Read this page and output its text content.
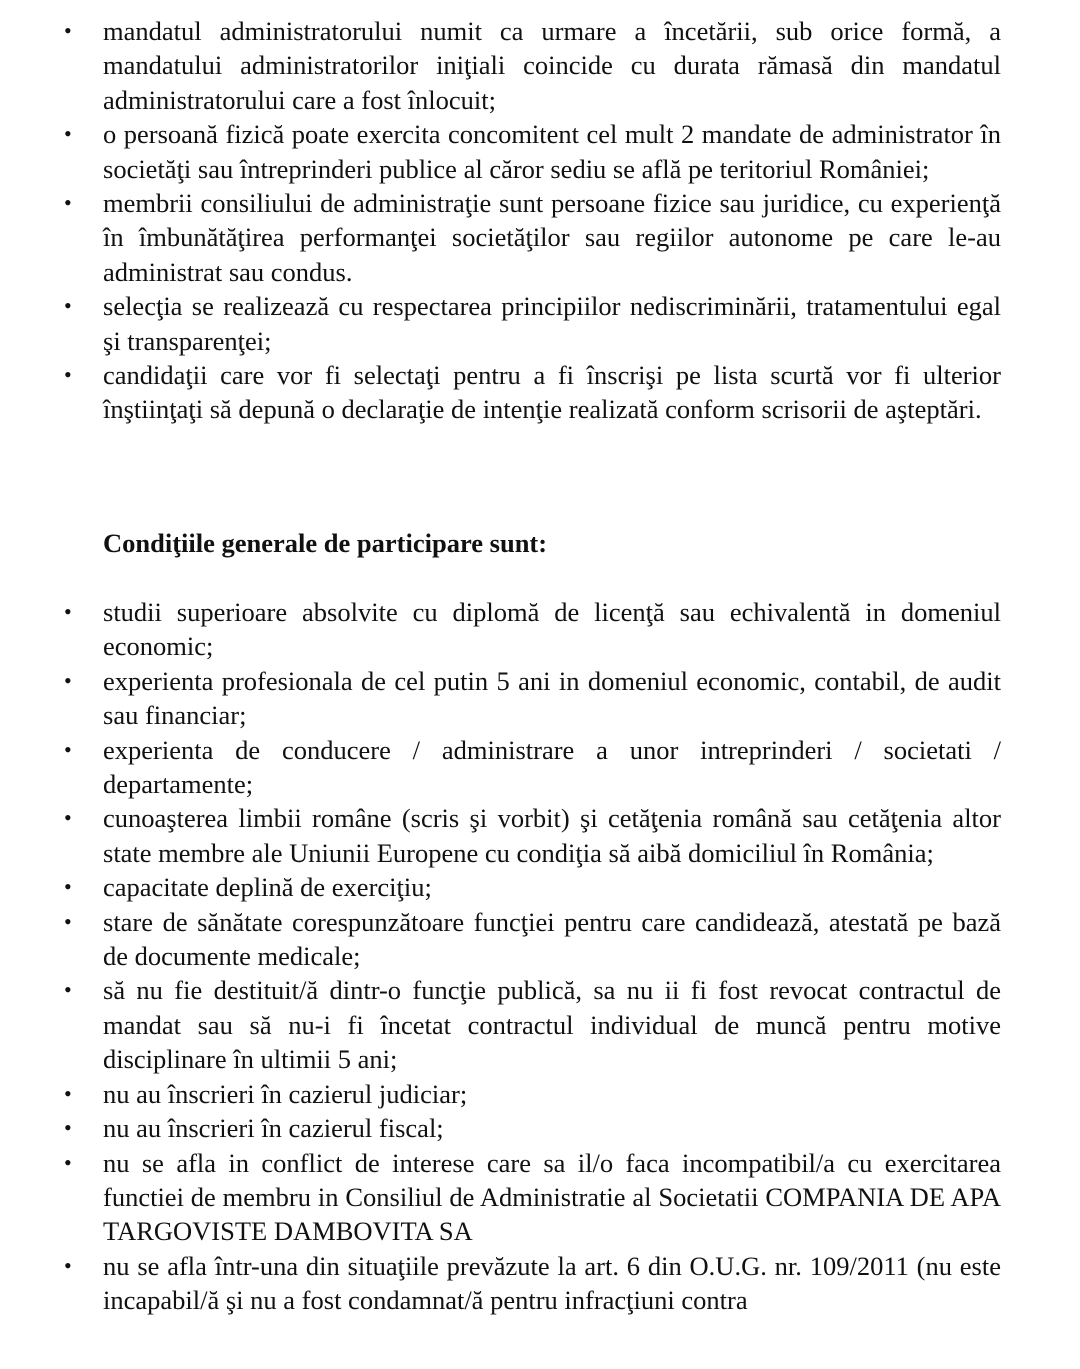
• mandatul administratorului numit ca urmare a încetării, sub orice formă, a mandatului administratorilor iniţiali coincide cu durata rămasă din mandatul administratorului care a fost înlocuit;
• o persoană fizică poate exercita concomitent cel mult 2 mandate de administrator în societăţi sau întreprinderi publice al căror sediu se află pe teritoriul României;
• membrii consiliului de administraţie sunt persoane fizice sau juridice, cu experienţă în îmbunătăţirea performanţei societăţilor sau regiilor autonome pe care le-au administrat sau condus.
• selecţia se realizează cu respectarea principiilor nediscriminării, tratamentului egal şi transparenţei;
• candidaţii care vor fi selectaţi pentru a fi înscrişi pe lista scurtă vor fi ulterior înştiinţaţi să depună o declaraţie de intenţie realizată conform scrisorii de aşteptări.
Condiţiile generale de participare sunt:
• studii superioare absolvite cu diplomă de licenţă sau echivalentă in domeniul economic;
• experienta profesionala de cel putin 5 ani in domeniul economic, contabil, de audit sau financiar;
• experienta de conducere / administrare a unor intreprinderi / societati / departamente;
• cunoaşterea limbii române (scris şi vorbit) şi cetăţenia română sau cetăţenia altor state membre ale Uniunii Europene cu condiţia să aibă domiciliul în România;
• capacitate deplină de exerciţiu;
• stare de sănătate corespunzătoare funcţiei pentru care candidează, atestată pe bază de documente medicale;
• să nu fie destituit/ă dintr-o funcţie publică, sa nu ii fi fost revocat contractul de mandat sau să nu-i fi încetat contractul individual de muncă pentru motive disciplinare în ultimii 5 ani;
• nu au înscrieri în cazierul judiciar;
• nu au înscrieri în cazierul fiscal;
• nu se afla in conflict de interese care sa il/o faca incompatibil/a cu exercitarea functiei de membru in Consiliul de Administratie al Societatii COMPANIA DE APA TARGOVISTE DAMBOVITA SA
• nu se afla într-una din situaţiile prevăzute la art. 6 din O.U.G. nr. 109/2011 (nu este incapabil/ă şi nu a fost condamnat/ă pentru infracţiuni contra
